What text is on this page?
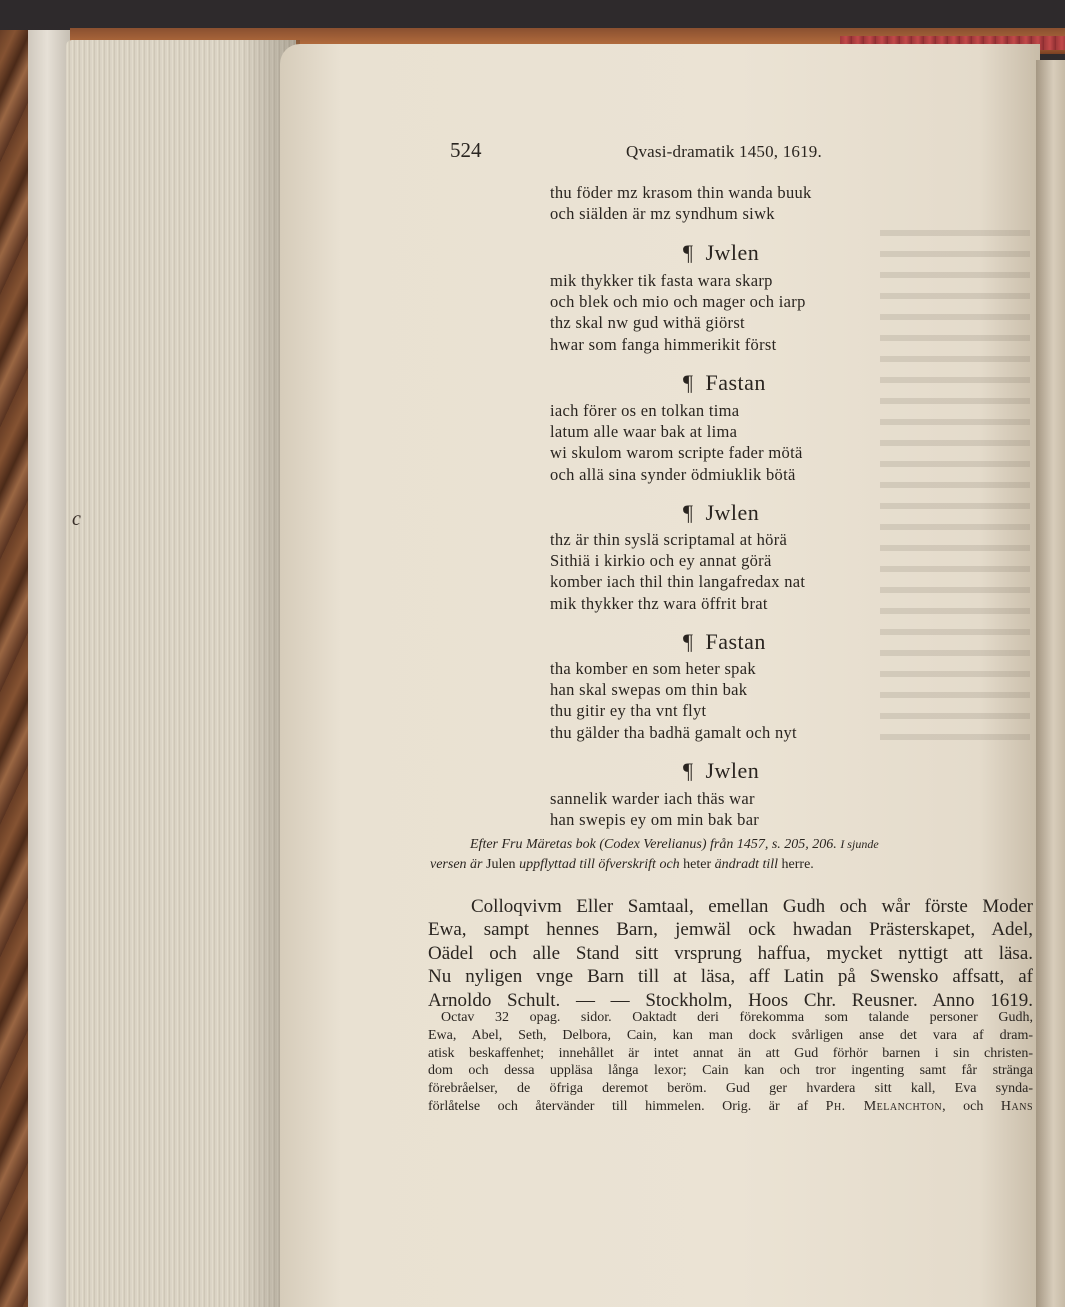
c
524	Qvasi-dramatik 1450, 1619.
thu föder mz krasom thin wanda buuk
och siälden är mz syndhum siwk
¶ Jwlen
mik thykker tik fasta wara skarp
och blek och mio och mager och iarp
thz skal nw gud withä giörst
hwar som fanga himmerikit först
¶ Fastan
iach förer os en tolkan tima
latum alle waar bak at lima
wi skulom warom scripte fader mötä
och allä sina synder ödmiuklik bötä
¶ Jwlen
thz är thin syslä scriptamal at hörä
Sithiä i kirkio och ey annat görä
komber iach thil thin langafredax nat
mik thykker thz wara öffrit brat
¶ Fastan
tha komber en som heter spak
han skal swepas om thin bak
thu gitir ey tha vnt flyt
thu gälder tha badhä gamalt och nyt
¶ Jwlen
sannelik warder iach thäs war
han swepis ey om min bak bar
Efter Fru Märetas bok (Codex Verelianus) från 1457, s. 205, 206. I sjunde
versen är Julen uppflyttad till öfverskrift och heter ändradt till herre.
Colloqvivm Eller Samtaal, emellan Gudh och wår förste Moder
Ewa, sampt hennes Barn, jemwäl ock hwadan Prästerskapet, Adel,
Oädel och alle Stand sitt vrsprung haffua, mycket nyttigt att läsa.
Nu nyligen vnge Barn till at läsa, aff Latin på Swensko affsatt, af
Arnoldo Schult. — — Stockholm, Hoos Chr. Reusner. Anno 1619.
Octav 32 opag. sidor. Oaktadt deri förekomma som talande personer Gudh,
Ewa, Abel, Seth, Delbora, Cain, kan man dock svårligen anse det vara af dram-
atisk beskaffenhet; innehållet är intet annat än att Gud förhör barnen i sin christen-
dom och dessa uppläsa långa lexor; Cain kan och tror ingenting samt får stränga
förebråelser, de öfriga deremot beröm. Gud ger hvardera sitt kall, Eva synda-
förlåtelse och återvänder till himmelen. Orig. är af Ph. Melanchton, och Hans
